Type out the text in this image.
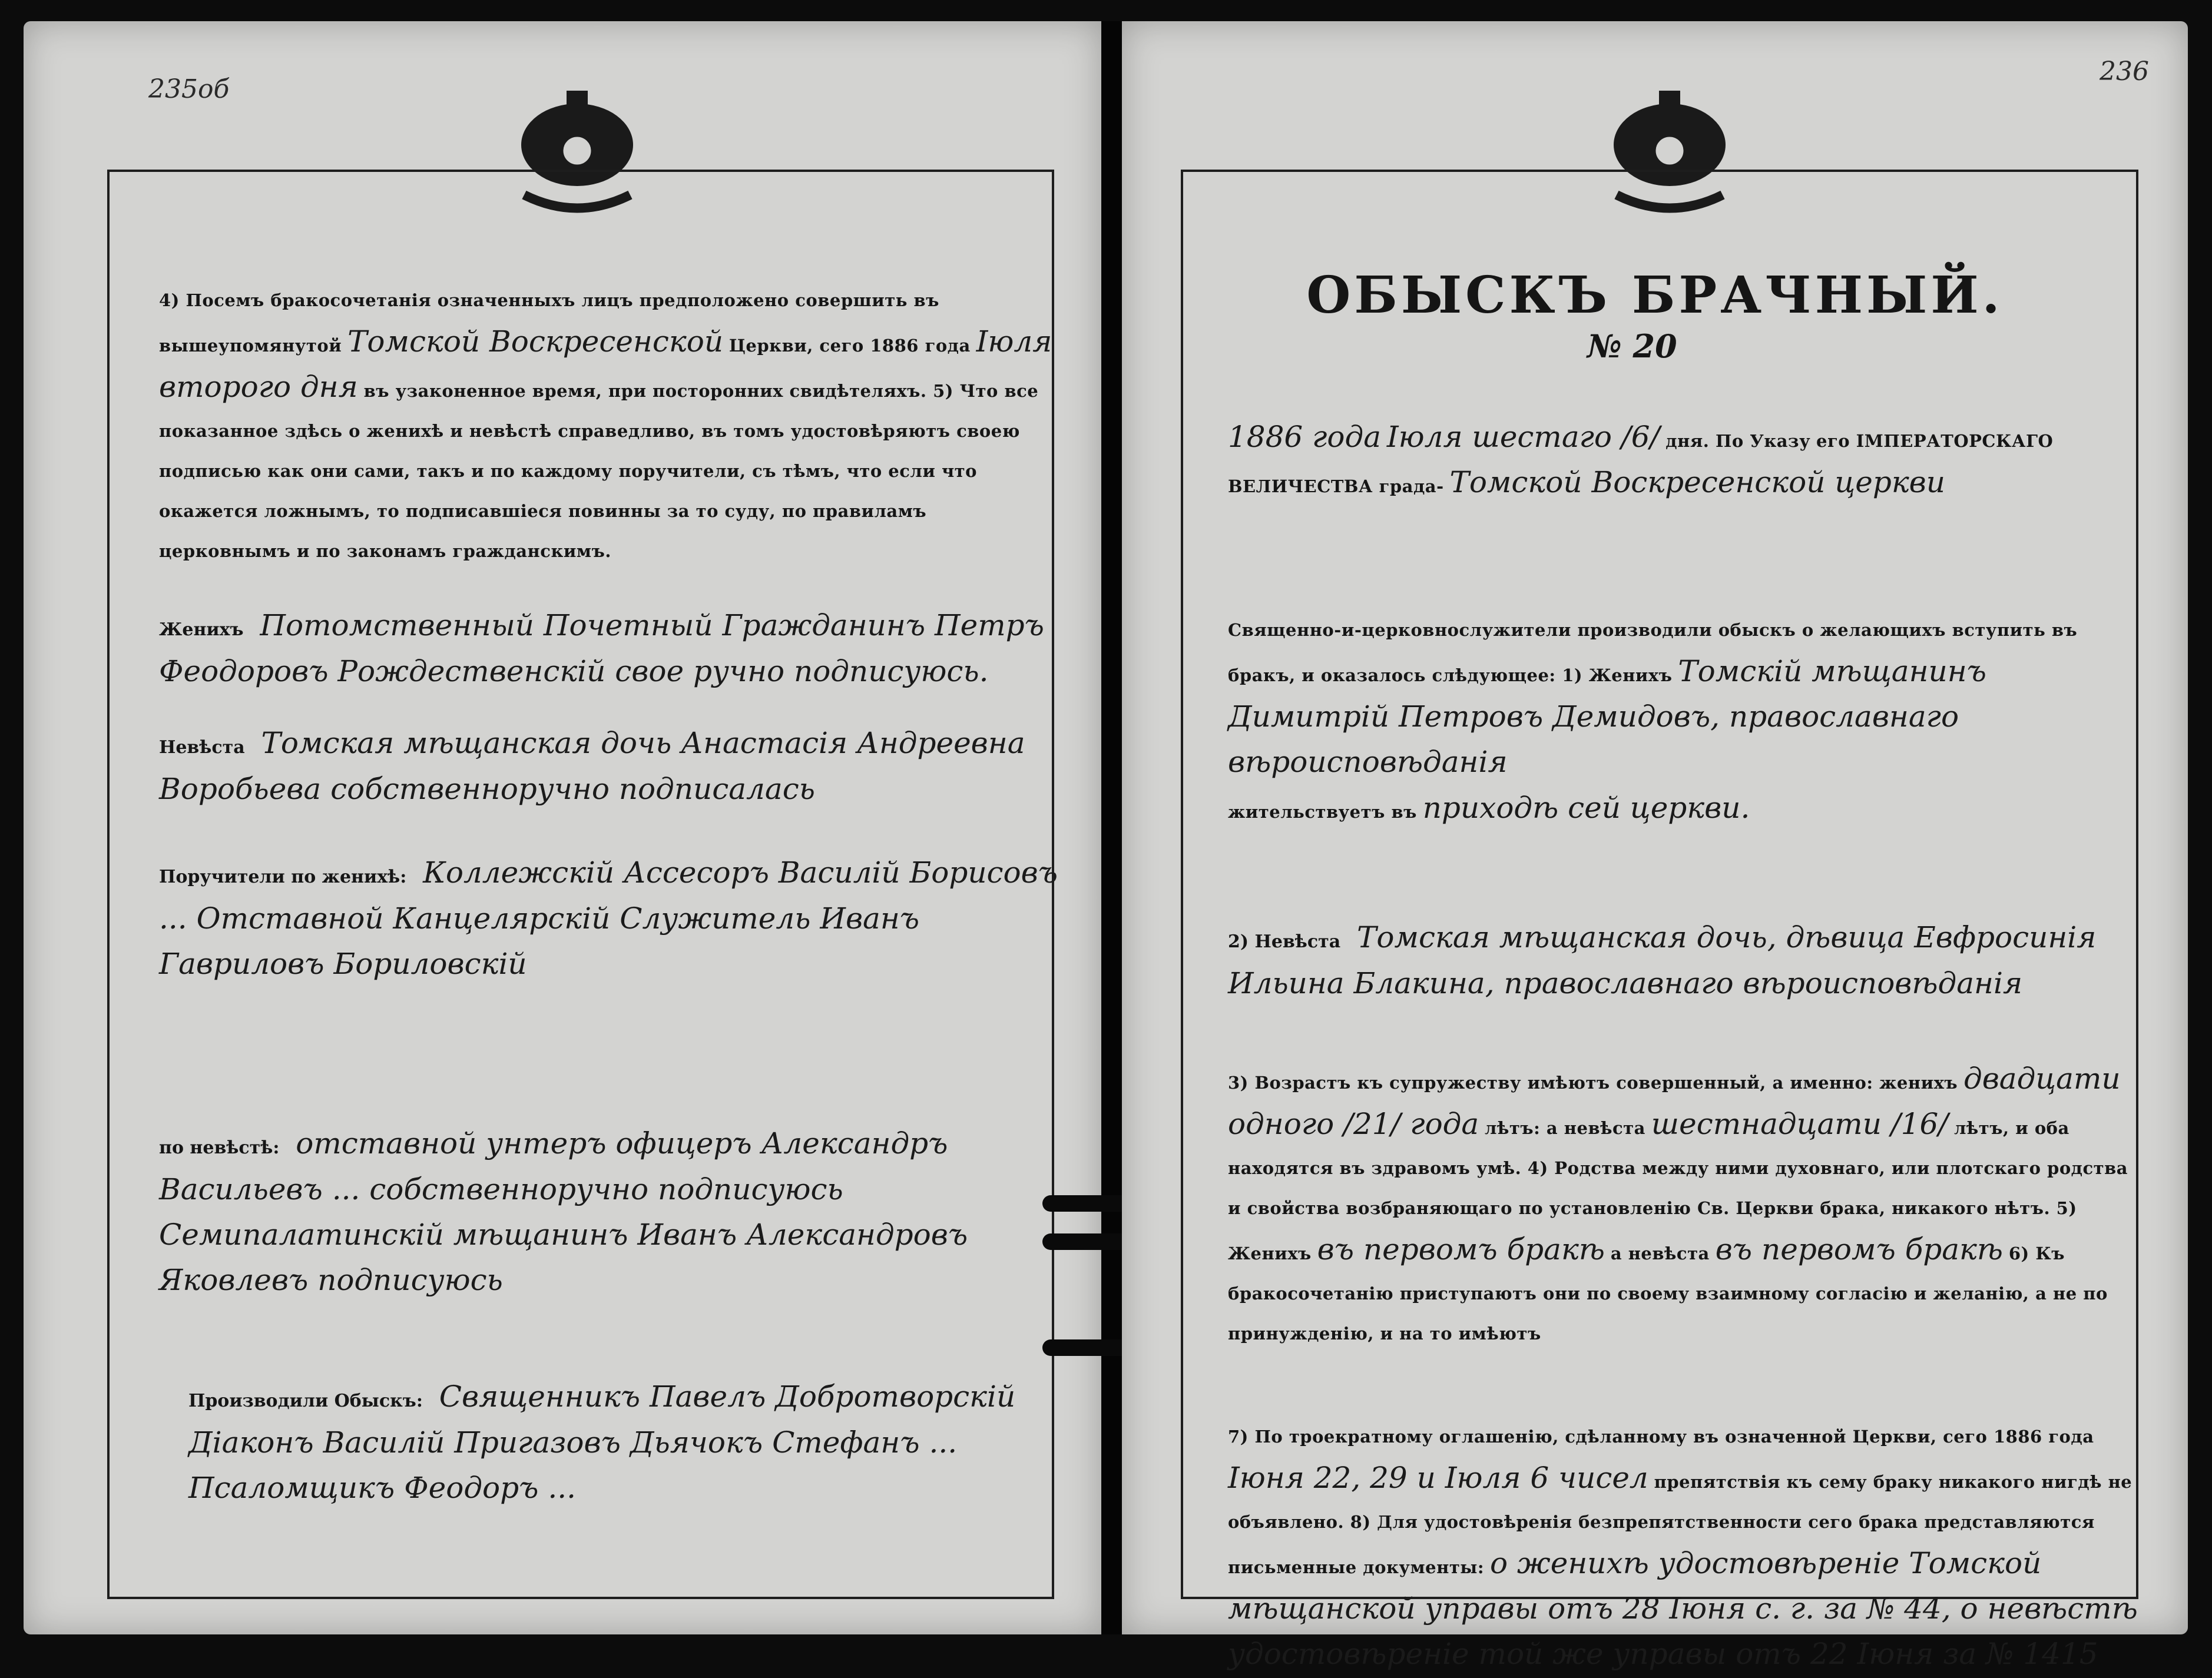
235об
4) Посемъ бракосочетанія означенныхъ лицъ предположено совершить въ вышеупомянутой Томской Воскресенской Церкви, сего 1886 года Іюля второго дня въ узаконенное время, при посторонних свидѣтеляхъ. 5) Что все показанное здѣсь о женихѣ и невѣстѣ справедливо, въ томъ удостовѣряютъ своею подписью как они сами, такъ и по каждому поручители, съ тѣмъ, что если что окажется ложнымъ, то подписавшіеся повинны за то суду, по правиламъ церковнымъ и по законамъ гражданскимъ.
Женихъ Потомственный Почетный Гражданинъ Петръ Феодоровъ Рождественскій свое ручно подписуюсь.
Невѣста Томская мѣщанская дочь Анастасія Андреевна Воробьева собственноручно подписалась
Поручители по женихѣ: Коллежскій Ассесоръ Василій Борисовъ ... Отставной Канцелярскій Служитель Иванъ Гавриловъ Бориловскій
по невѣстѣ: отставной унтеръ офицеръ Александръ Васильевъ ... собственноручно подписуюсь Семипалатинскій мѣщанинъ Иванъ Александровъ Яковлевъ подписуюсь
Производили Обыскъ: Священникъ Павелъ Добротворскій Діаконъ Василій Пригазовъ Дьячокъ Стефанъ ... Псаломщикъ Феодоръ ...
236
ОБЫСКЪ БРАЧНЫЙ.
№ 20
1886 года Іюля шестаго /6/ дня. По Указу его ІМПЕРАТОРСКАГО ВЕЛИЧЕСТВА града- Томской Воскресенской церкви
Священно-и-церковнослужители производили обыскъ о желающихъ вступить въ бракъ, и оказалось слѣдующее: 1) Женихъ Томскій мѣщанинъ Димитрій Петровъ Демидовъ, православнаго вѣроисповѣданія
жительствуетъ въ приходѣ сей церкви.
2) Невѣста Томская мѣщанская дочь, дѣвица Евфросинія Ильина Блакина, православнаго вѣроисповѣданія
3) Возрастъ къ супружеству имѣютъ совершенный, а именно: женихъ двадцати одного /21/ года лѣтъ: а невѣста шестнадцати /16/ лѣтъ, и оба находятся въ здравомъ умѣ. 4) Родства между ними духовнаго, или плотскаго родства и свойства возбраняющаго по установленію Св. Церкви брака, никакого нѣтъ. 5) Женихъ въ первомъ бракѣ а невѣста въ первомъ бракѣ 6) Къ бракосочетанію приступаютъ они по своему взаимному согласію и желанію, а не по принужденію, и на то имѣютъ
7) По троекратному оглашенію, сдѣланному въ означенной Церкви, сего 1886 года Іюня 22, 29 и Іюля 6 чисел препятствія къ сему браку никакого нигдѣ не объявлено. 8) Для удостовѣренія безпрепятственности сего брака представляются письменные документы: о женихѣ удостовѣреніе Томской мѣщанской управы отъ 28 Іюня с. г. за № 44, о невѣстѣ удостовѣреніе той же управы отъ 22 Іюня за № 1415
